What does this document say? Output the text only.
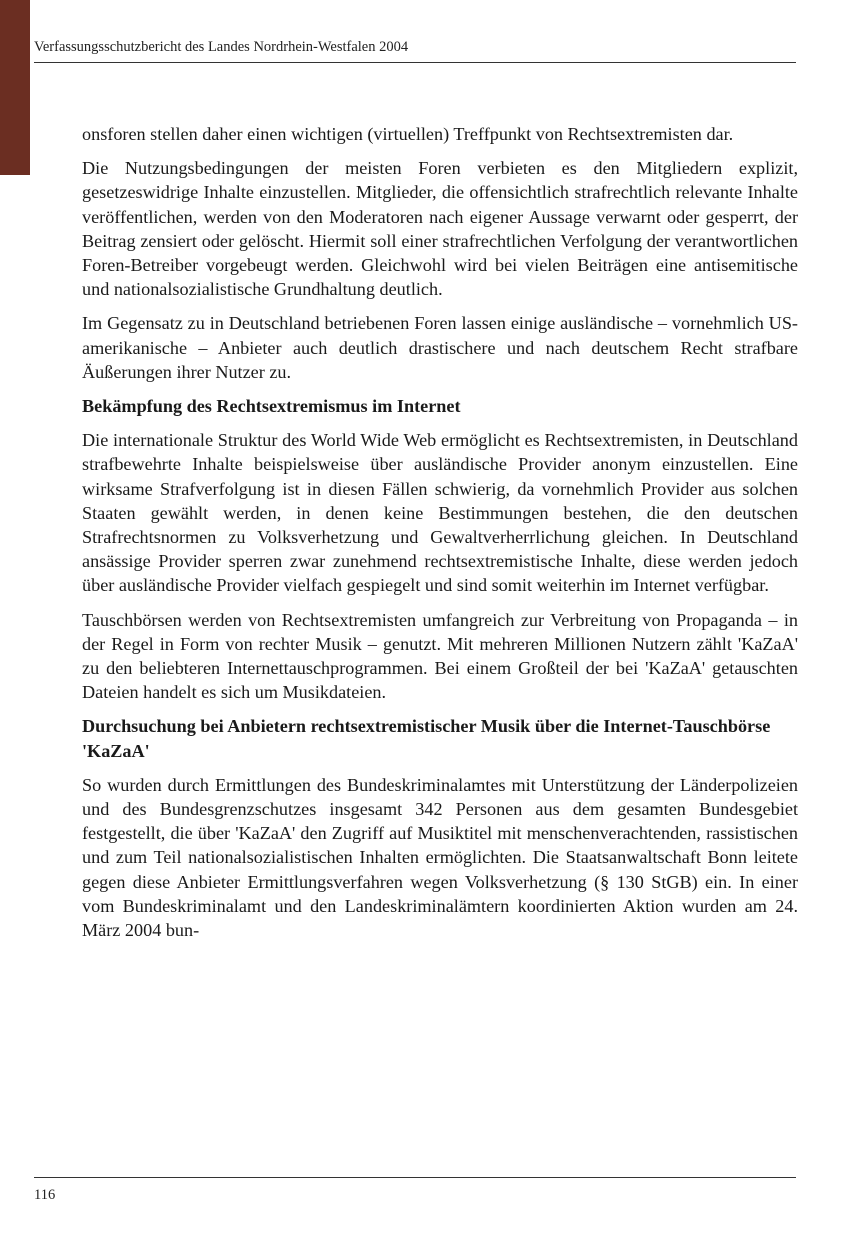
Verfassungsschutzbericht des Landes Nordrhein-Westfalen 2004

onsforen stellen daher einen wichtigen (virtuellen) Treffpunkt von Rechtsextremisten dar.

Die Nutzungsbedingungen der meisten Foren verbieten es den Mitgliedern explizit, gesetzeswidrige Inhalte einzustellen. Mitglieder, die offensichtlich strafrechtlich relevante Inhalte veröffentlichen, werden von den Moderatoren nach eigener Aussage verwarnt oder gesperrt, der Beitrag zensiert oder gelöscht. Hiermit soll einer strafrechtlichen Verfolgung der verantwortlichen Foren-Betreiber vorgebeugt werden. Gleichwohl wird bei vielen Beiträgen eine antisemitische und nationalsozialistische Grundhaltung deutlich.

Im Gegensatz zu in Deutschland betriebenen Foren lassen einige ausländische – vornehmlich US-amerikanische – Anbieter auch deutlich drastischere und nach deutschem Recht strafbare Äußerungen ihrer Nutzer zu.

Bekämpfung des Rechtsextremismus im Internet

Die internationale Struktur des World Wide Web ermöglicht es Rechtsextremisten, in Deutschland strafbewehrte Inhalte beispielsweise über ausländische Provider anonym einzustellen. Eine wirksame Strafverfolgung ist in diesen Fällen schwierig, da vornehmlich Provider aus solchen Staaten gewählt werden, in denen keine Bestimmungen bestehen, die den deutschen Strafrechtsnormen zu Volksverhetzung und Gewaltverherrlichung gleichen. In Deutschland ansässige Provider sperren zwar zunehmend rechtsextremistische Inhalte, diese werden jedoch über ausländische Provider vielfach gespiegelt und sind somit weiterhin im Internet verfügbar.

Tauschbörsen werden von Rechtsextremisten umfangreich zur Verbreitung von Propaganda – in der Regel in Form von rechter Musik – genutzt. Mit mehreren Millionen Nutzern zählt 'KaZaA' zu den beliebteren Internettauschprogrammen. Bei einem Großteil der bei 'KaZaA' getauschten Dateien handelt es sich um Musikdateien.

Durchsuchung bei Anbietern rechtsextremistischer Musik über die Internet-Tauschbörse 'KaZaA'

So wurden durch Ermittlungen des Bundeskriminalamtes mit Unterstützung der Länderpolizeien und des Bundesgrenzschutzes insgesamt 342 Personen aus dem gesamten Bundesgebiet festgestellt, die über 'KaZaA' den Zugriff auf Musiktitel mit menschenverachtenden, rassistischen und zum Teil nationalsozialistischen Inhalten ermöglichten. Die Staatsanwaltschaft Bonn leitete gegen diese Anbieter Ermittlungsverfahren wegen Volksverhetzung (§ 130 StGB) ein. In einer vom Bundeskriminalamt und den Landeskriminalämtern koordinierten Aktion wurden am 24. März 2004 bun-

116
